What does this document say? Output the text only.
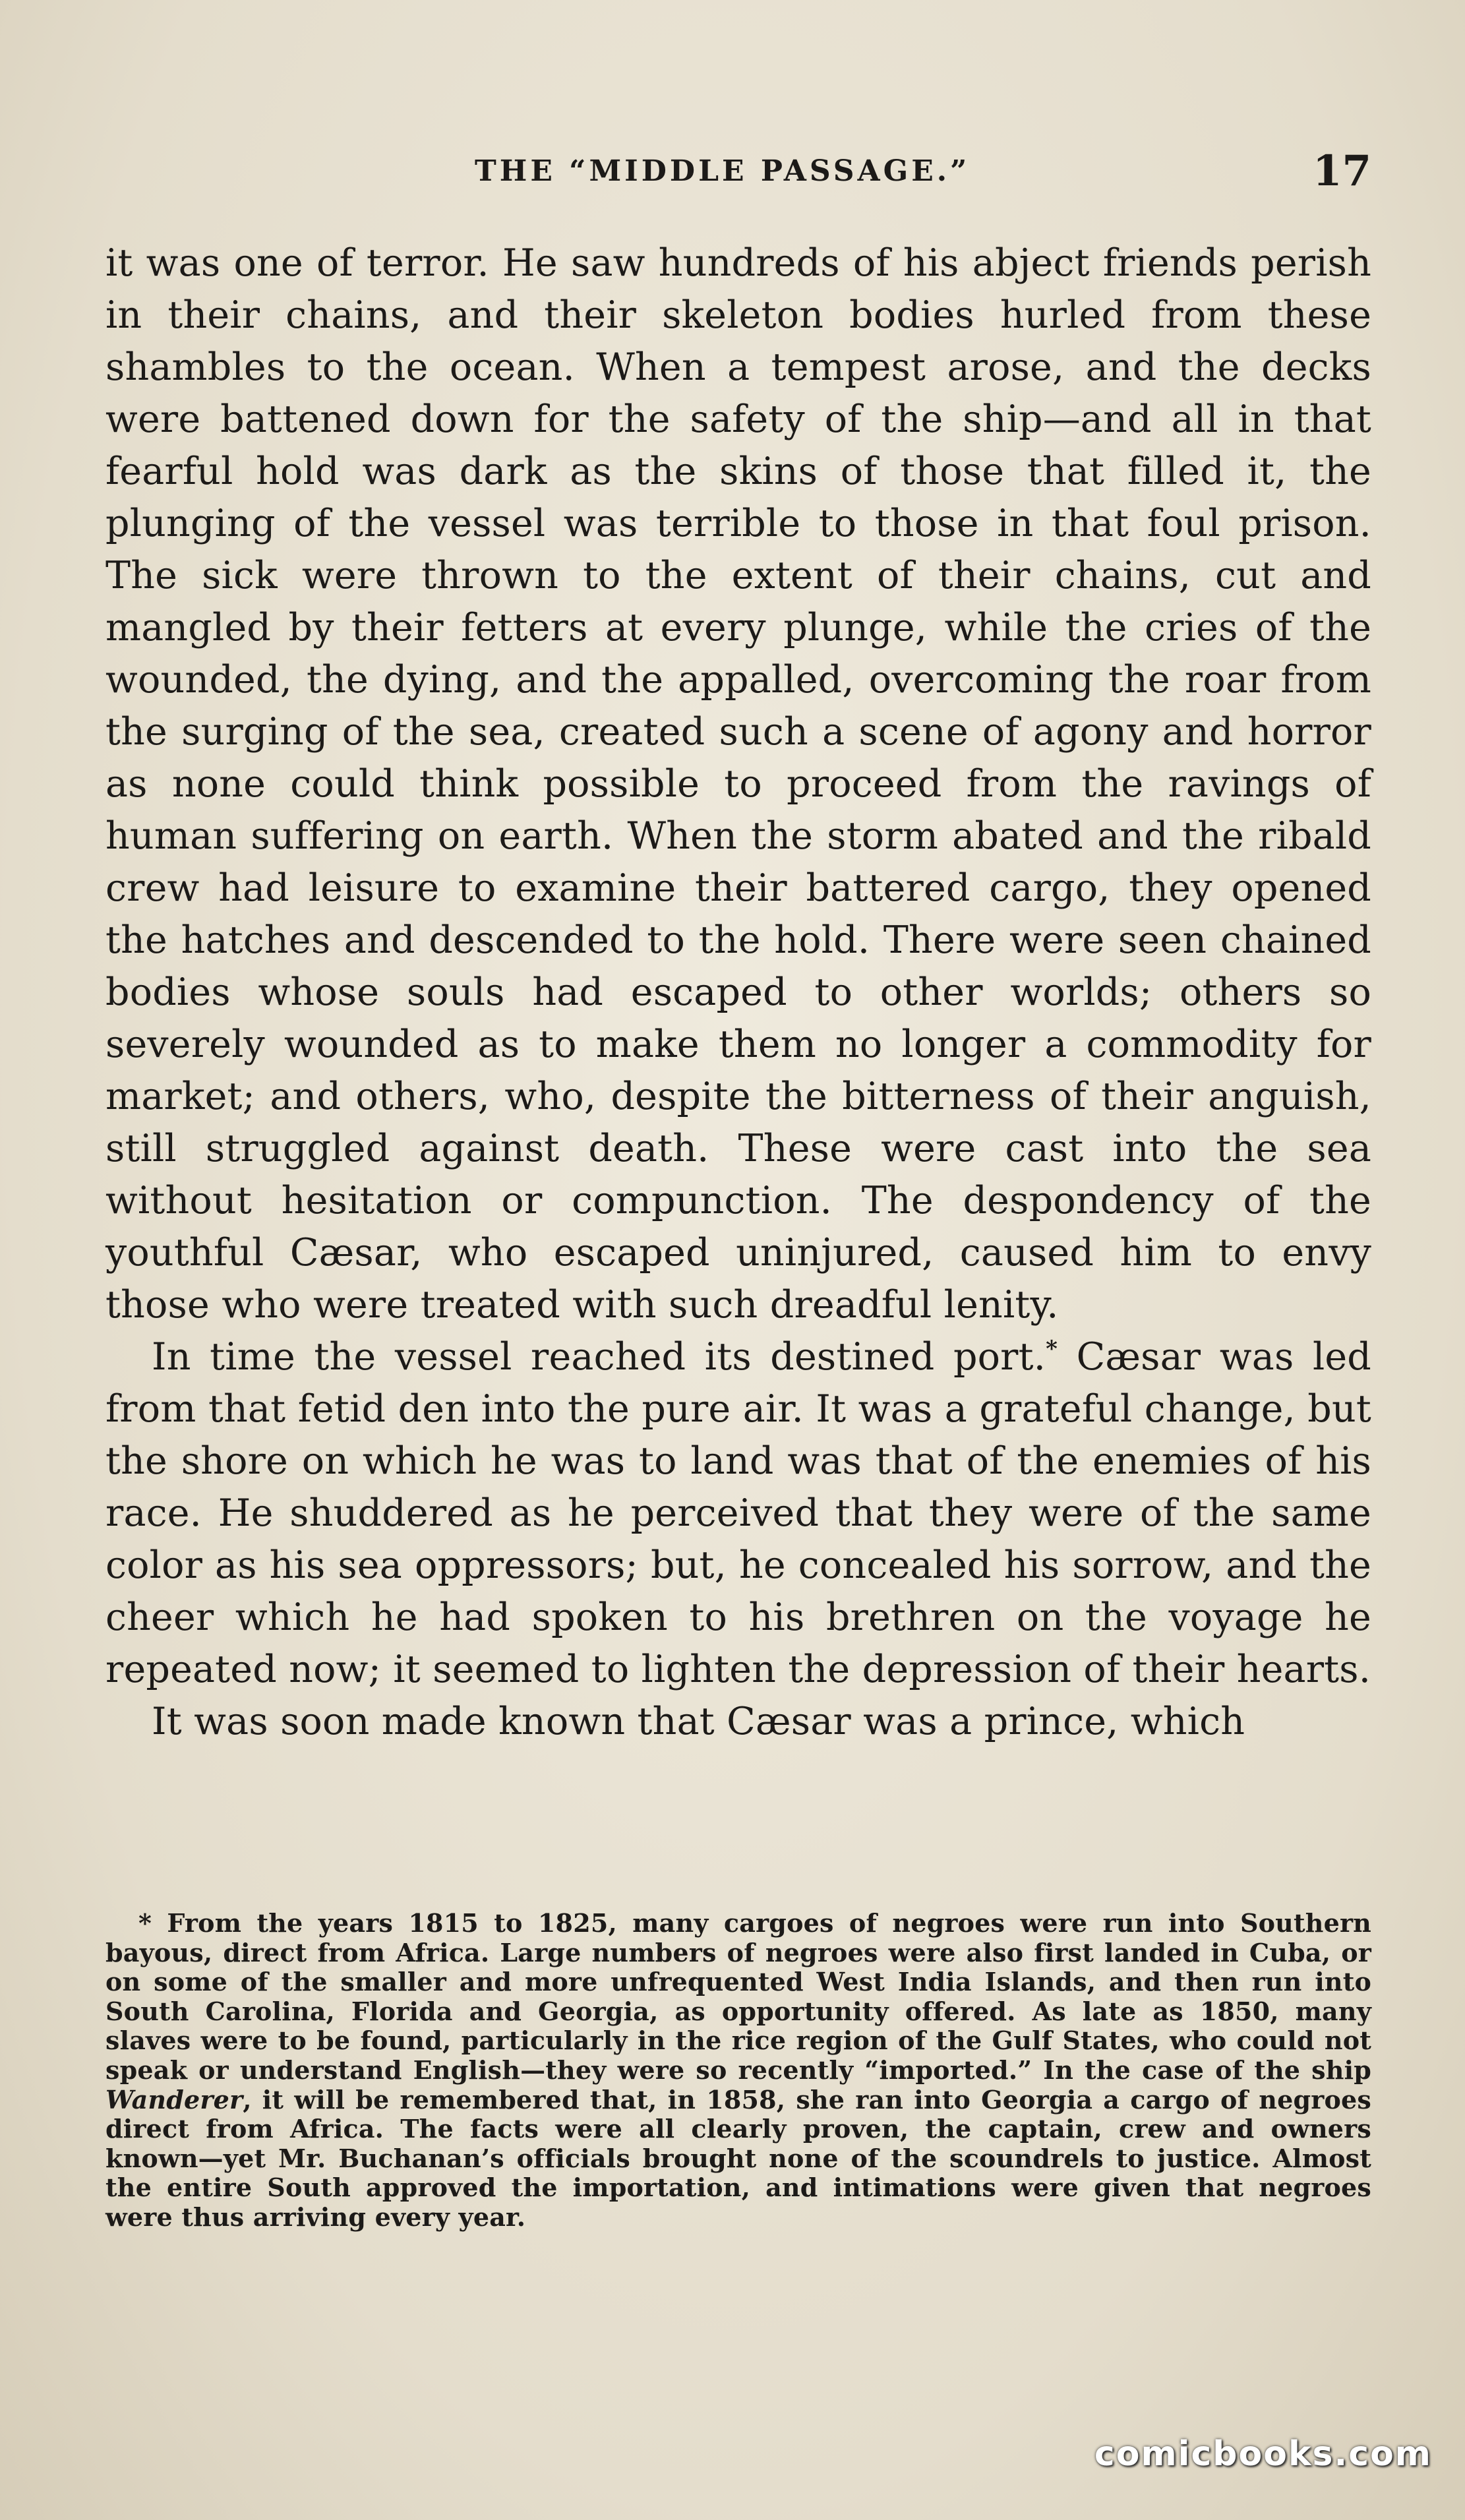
THE “MIDDLE PASSAGE.”	17

it was one of terror. He saw hundreds of his abject friends perish in their chains, and their skeleton bodies hurled from these shambles to the ocean. When a tempest arose, and the decks were battened down for the safety of the ship—and all in that fearful hold was dark as the skins of those that filled it, the plunging of the vessel was terrible to those in that foul prison. The sick were thrown to the extent of their chains, cut and mangled by their fetters at every plunge, while the cries of the wounded, the dying, and the appalled, overcoming the roar from the surging of the sea, created such a scene of agony and horror as none could think possible to proceed from the ravings of human suffering on earth. When the storm abated and the ribald crew had leisure to examine their battered cargo, they opened the hatches and descended to the hold. There were seen chained bodies whose souls had escaped to other worlds; others so severely wounded as to make them no longer a commodity for market; and others, who, despite the bitterness of their anguish, still struggled against death. These were cast into the sea without hesitation or compunction. The despondency of the youthful Cæsar, who escaped uninjured, caused him to envy those who were treated with such dreadful lenity.

In time the vessel reached its destined port.* Cæsar was led from that fetid den into the pure air. It was a grateful change, but the shore on which he was to land was that of the enemies of his race. He shuddered as he perceived that they were of the same color as his sea oppressors; but, he concealed his sorrow, and the cheer which he had spoken to his brethren on the voyage he repeated now; it seemed to lighten the depression of their hearts.

It was soon made known that Cæsar was a prince, which

* From the years 1815 to 1825, many cargoes of negroes were run into Southern bayous, direct from Africa. Large numbers of negroes were also first landed in Cuba, or on some of the smaller and more unfrequented West India Islands, and then run into South Carolina, Florida and Georgia, as opportunity offered. As late as 1850, many slaves were to be found, particularly in the rice region of the Gulf States, who could not speak or understand English—they were so recently “imported.” In the case of the ship Wanderer, it will be remembered that, in 1858, she ran into Georgia a cargo of negroes direct from Africa. The facts were all clearly proven, the captain, crew and owners known—yet Mr. Buchanan’s officials brought none of the scoundrels to justice. Almost the entire South approved the importation, and intimations were given that negroes were thus arriving every year.

comicbooks.com
